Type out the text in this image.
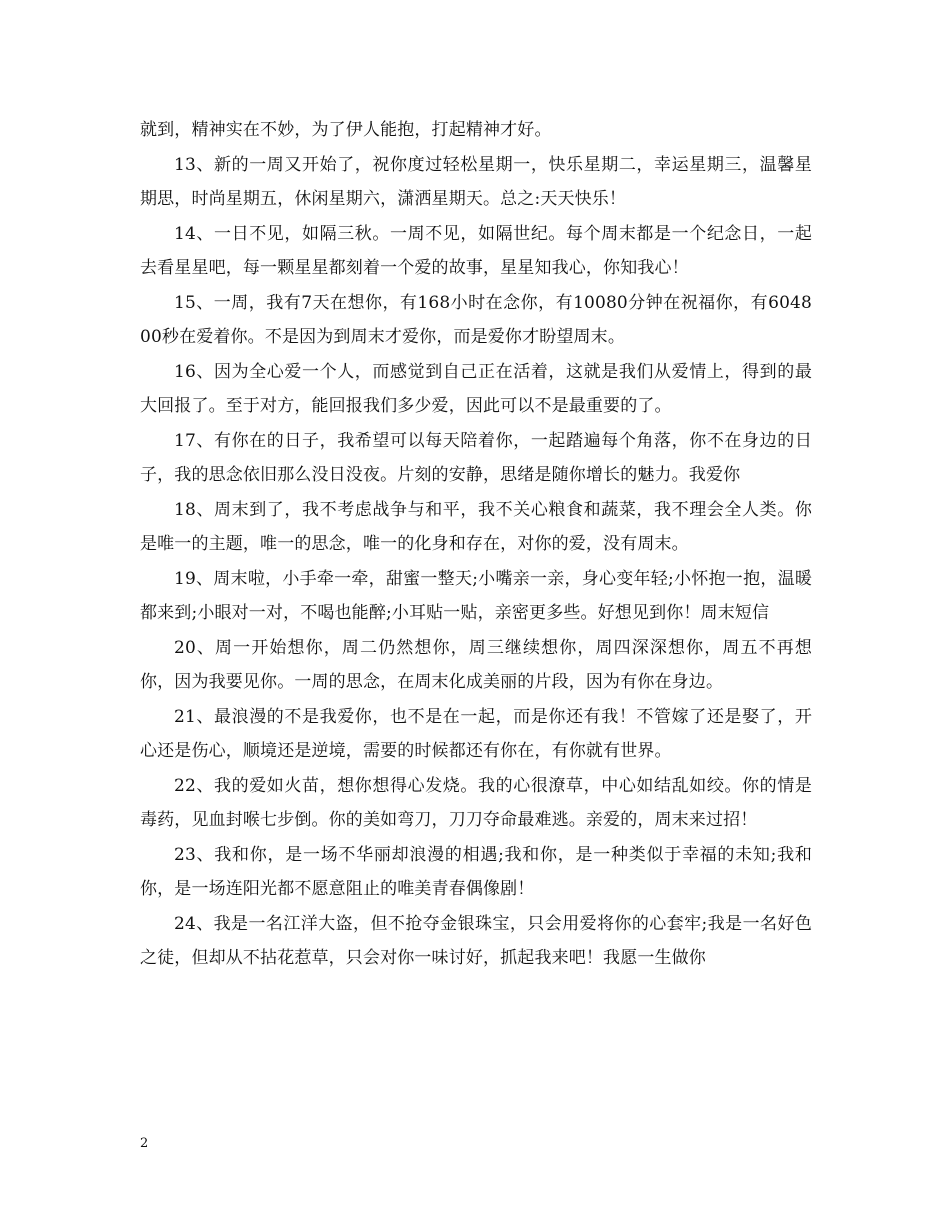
就到，精神实在不妙，为了伊人能抱，打起精神才好。

13、新的一周又开始了，祝你度过轻松星期一，快乐星期二，幸运星期三，温馨星期思，时尚星期五，休闲星期六，潇洒星期天。总之:天天快乐！

14、一日不见，如隔三秋。一周不见，如隔世纪。每个周末都是一个纪念日，一起去看星星吧，每一颗星星都刻着一个爱的故事，星星知我心，你知我心！

15、一周，我有7天在想你，有168小时在念你，有10080分钟在祝福你，有604800秒在爱着你。不是因为到周末才爱你，而是爱你才盼望周末。

16、因为全心爱一个人，而感觉到自己正在活着，这就是我们从爱情上，得到的最大回报了。至于对方，能回报我们多少爱，因此可以不是最重要的了。

17、有你在的日子，我希望可以每天陪着你，一起踏遍每个角落，你不在身边的日子，我的思念依旧那么没日没夜。片刻的安静，思绪是随你增长的魅力。我爱你

18、周末到了，我不考虑战争与和平，我不关心粮食和蔬菜，我不理会全人类。你是唯一的主题，唯一的思念，唯一的化身和存在，对你的爱，没有周末。

19、周末啦，小手牵一牵，甜蜜一整天;小嘴亲一亲，身心变年轻;小怀抱一抱，温暖都来到;小眼对一对，不喝也能醉;小耳贴一贴，亲密更多些。好想见到你！周末短信

20、周一开始想你，周二仍然想你，周三继续想你，周四深深想你，周五不再想你，因为我要见你。一周的思念，在周末化成美丽的片段，因为有你在身边。

21、最浪漫的不是我爱你，也不是在一起，而是你还有我！不管嫁了还是娶了，开心还是伤心，顺境还是逆境，需要的时候都还有你在，有你就有世界。

22、我的爱如火苗，想你想得心发烧。我的心很潦草，中心如结乱如绞。你的情是毒药，见血封喉七步倒。你的美如弯刀，刀刀夺命最难逃。亲爱的，周末来过招！

23、我和你，是一场不华丽却浪漫的相遇;我和你，是一种类似于幸福的未知;我和你，是一场连阳光都不愿意阻止的唯美青春偶像剧！

24、我是一名江洋大盗，但不抢夺金银珠宝，只会用爱将你的心套牢;我是一名好色之徒，但却从不拈花惹草，只会对你一味讨好，抓起我来吧！我愿一生做你

2
